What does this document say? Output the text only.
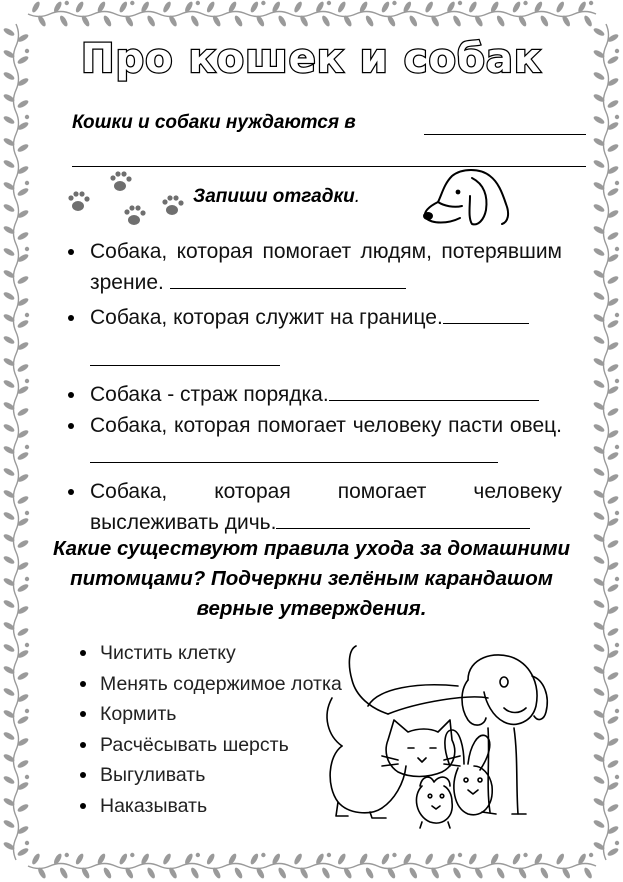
Про кошек и собак
Кошки и собаки нуждаются в
Запиши отгадки.
Собака, которая помогает людям, потерявшим зрение.
Собака, которая служит на границе.

Собака - страж порядка.
Собака, которая помогает человеку пасти овец.
Собака, которая помогает человеку выслеживать дичь.
Какие существуют правила ухода за домашними питомцами? Подчеркни зелёным карандашом верные утверждения.
Чистить клетку
Менять содержимое лотка
Кормить
Расчёсывать шерсть
Выгуливать
Наказывать
